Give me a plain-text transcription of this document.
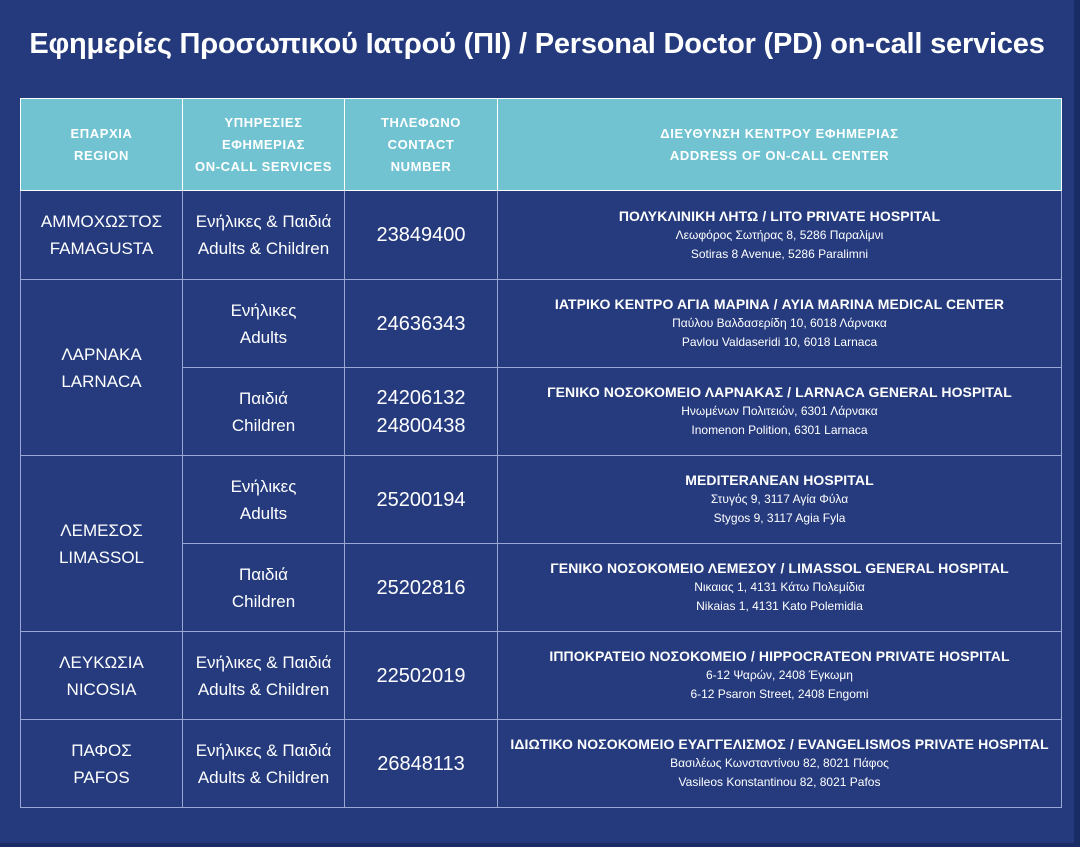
Εφημερίες Προσωπικού Ιατρού (ΠΙ) / Personal Doctor (PD) on-call services
ΕΠΑΡΧΙΑ
REGION	ΥΠΗΡΕΣΙΕΣ
ΕΦΗΜΕΡΙΑΣ
ON-CALL SERVICES	ΤΗΛΕΦΩΝΟ
CONTACT
NUMBER	ΔΙΕΥΘΥΝΣΗ ΚΕΝΤΡΟΥ ΕΦΗΜΕΡΙΑΣ
ADDRESS OF ON-CALL CENTER

ΑΜΜΟΧΩΣΤΟΣ
FAMAGUSTA	Ενήλικες & Παιδιά
Adults & Children	23849400	ΠΟΛΥΚΛΙΝΙΚΗ ΛΗΤΩ / LITO PRIVATE HOSPITAL
Λεωφόρος Σωτήρας 8, 5286 Παραλίμνι
Sotiras 8 Avenue, 5286 Paralimni

ΛΑΡΝΑΚΑ
LARNACA	Ενήλικες
Adults	24636343	ΙΑΤΡΙΚΟ ΚΕΝΤΡΟ ΑΓΙΑ ΜΑΡΙΝΑ / AYIA MARINA MEDICAL CENTER
Παύλου Βαλδασερίδη 10, 6018 Λάρνακα
Pavlou Valdaseridi 10, 6018 Larnaca

	Παιδιά
Children	24206132
24800438	ΓΕΝΙΚΟ ΝΟΣΟΚΟΜΕΙΟ ΛΑΡΝΑΚΑΣ / LARNACA GENERAL HOSPITAL
Ηνωμένων Πολιτειών, 6301 Λάρνακα
Inomenon Polition, 6301 Larnaca

ΛΕΜΕΣΟΣ
LIMASSOL	Ενήλικες
Adults	25200194	MEDITERANEAN HOSPITAL
Στυγός 9, 3117 Αγία Φύλα
Stygos 9, 3117 Agia Fyla

	Παιδιά
Children	25202816	ΓΕΝΙΚΟ ΝΟΣΟΚΟΜΕΙΟ ΛΕΜΕΣΟΥ / LIMASSOL GENERAL HOSPITAL
Νικαιας 1, 4131 Κάτω Πολεμίδια
Nikaias 1, 4131 Kato Polemidia

ΛΕΥΚΩΣΙΑ
NICOSIA	Ενήλικες & Παιδιά
Adults & Children	22502019	ΙΠΠΟΚΡΑΤΕΙΟ ΝΟΣΟΚΟΜΕΙΟ / HIPPOCRATEON PRIVATE HOSPITAL
6-12 Ψαρών, 2408 Έγκωμη
6-12 Psaron Street, 2408 Engomi

ΠΑΦΟΣ
PAFOS	Ενήλικες & Παιδιά
Adults & Children	26848113	ΙΔΙΩΤΙΚΟ ΝΟΣΟΚΟΜΕΙΟ ΕΥΑΓΓΕΛΙΣΜΟΣ / EVANGELISMOS PRIVATE HOSPITAL
Βασιλέως Κωνσταντίνου 82, 8021 Πάφος
Vasileos Konstantinou 82, 8021 Pafos
